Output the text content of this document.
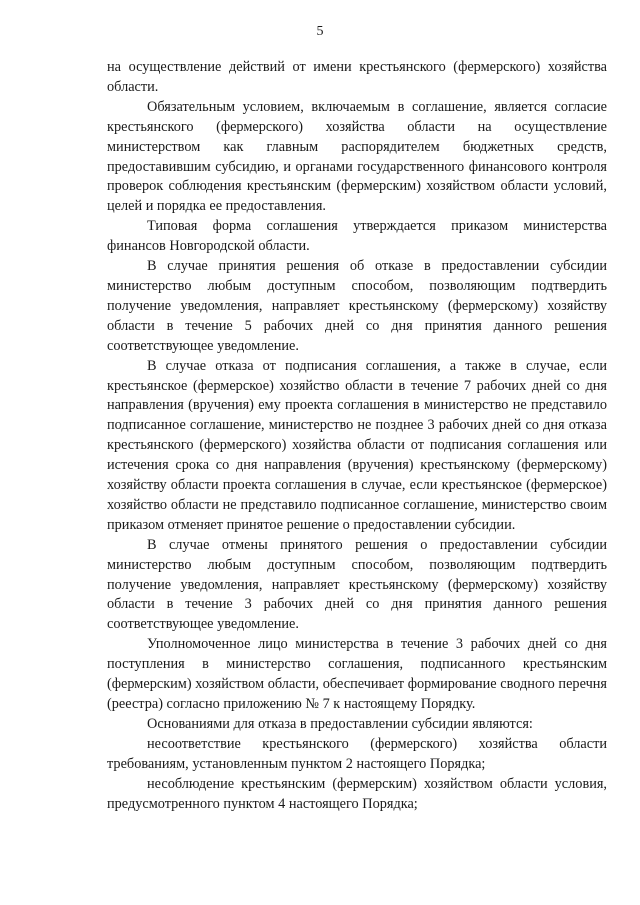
5

на осуществление действий от имени крестьянского (фермерского) хозяйства области.

Обязательным условием, включаемым в соглашение, является согласие крестьянского (фермерского) хозяйства области на осуществление министерством как главным распорядителем бюджетных средств, предоставившим субсидию, и органами государственного финансового контроля проверок соблюдения крестьянским (фермерским) хозяйством области условий, целей и порядка ее предоставления.

Типовая форма соглашения утверждается приказом министерства финансов Новгородской области.

В случае принятия решения об отказе в предоставлении субсидии министерство любым доступным способом, позволяющим подтвердить получение уведомления, направляет крестьянскому (фермерскому) хозяйству области в течение 5 рабочих дней со дня принятия данного решения соответствующее уведомление.

В случае отказа от подписания соглашения, а также в случае, если крестьянское (фермерское) хозяйство области в течение 7 рабочих дней со дня направления (вручения) ему проекта соглашения в министерство не представило подписанное соглашение, министерство не позднее 3 рабочих дней со дня отказа крестьянского (фермерского) хозяйства области от подписания соглашения или истечения срока со дня направления (вручения) крестьянскому (фермерскому) хозяйству области проекта соглашения в случае, если крестьянское (фермерское) хозяйство области не представило подписанное соглашение, министерство своим приказом отменяет принятое решение о предоставлении субсидии.

В случае отмены принятого решения о предоставлении субсидии министерство любым доступным способом, позволяющим подтвердить получение уведомления, направляет крестьянскому (фермерскому) хозяйству области в течение 3 рабочих дней со дня принятия данного решения соответствующее уведомление.

Уполномоченное лицо министерства в течение 3 рабочих дней со дня поступления в министерство соглашения, подписанного крестьянским (фермерским) хозяйством области, обеспечивает формирование сводного перечня (реестра) согласно приложению № 7 к настоящему Порядку.

Основаниями для отказа в предоставлении субсидии являются:

несоответствие крестьянского (фермерского) хозяйства области требованиям, установленным пунктом 2 настоящего Порядка;

несоблюдение крестьянским (фермерским) хозяйством области условия, предусмотренного пунктом 4 настоящего Порядка;
